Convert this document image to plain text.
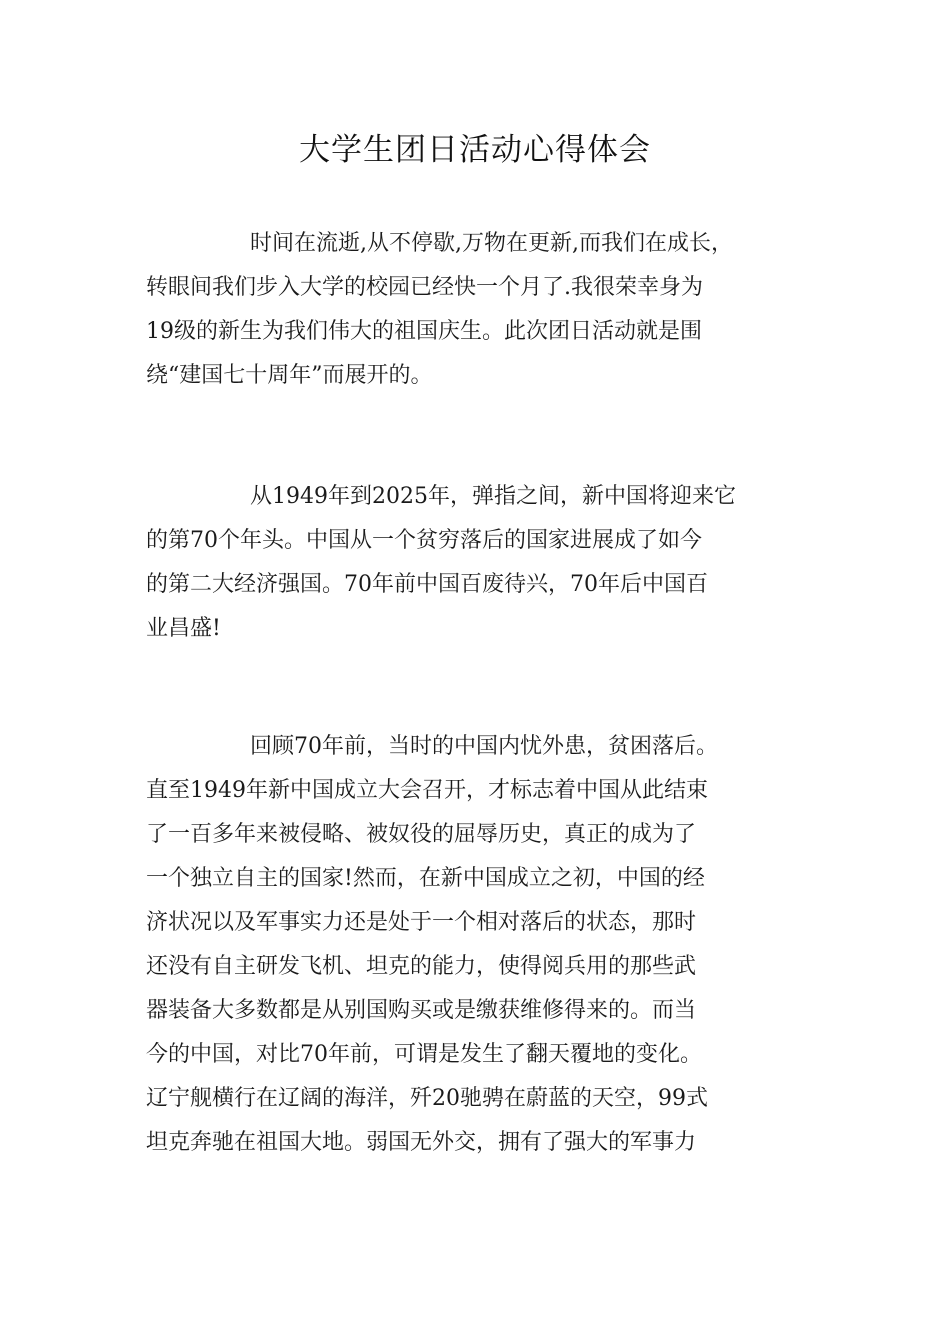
大学生团日活动心得体会
时间在流逝,从不停歇,万物在更新,而我们在成长，
转眼间我们步入大学的校园已经快一个月了.我很荣幸身为
19级的新生为我们伟大的祖国庆生。此次团日活动就是围
绕“建国七十周年”而展开的。
从1949年到2025年，弹指之间，新中国将迎来它
的第70个年头。中国从一个贫穷落后的国家进展成了如今
的第二大经济强国。70年前中国百废待兴，70年后中国百
业昌盛!
回顾70年前，当时的中国内忧外患，贫困落后。
直至1949年新中国成立大会召开，才标志着中国从此结束
了一百多年来被侵略、被奴役的屈辱历史，真正的成为了
一个独立自主的国家!然而，在新中国成立之初，中国的经
济状况以及军事实力还是处于一个相对落后的状态，那时
还没有自主研发飞机、坦克的能力，使得阅兵用的那些武
器装备大多数都是从别国购买或是缴获维修得来的。而当
今的中国，对比70年前，可谓是发生了翻天覆地的变化。
辽宁舰横行在辽阔的海洋，歼20驰骋在蔚蓝的天空，99式
坦克奔驰在祖国大地。弱国无外交，拥有了强大的军事力
